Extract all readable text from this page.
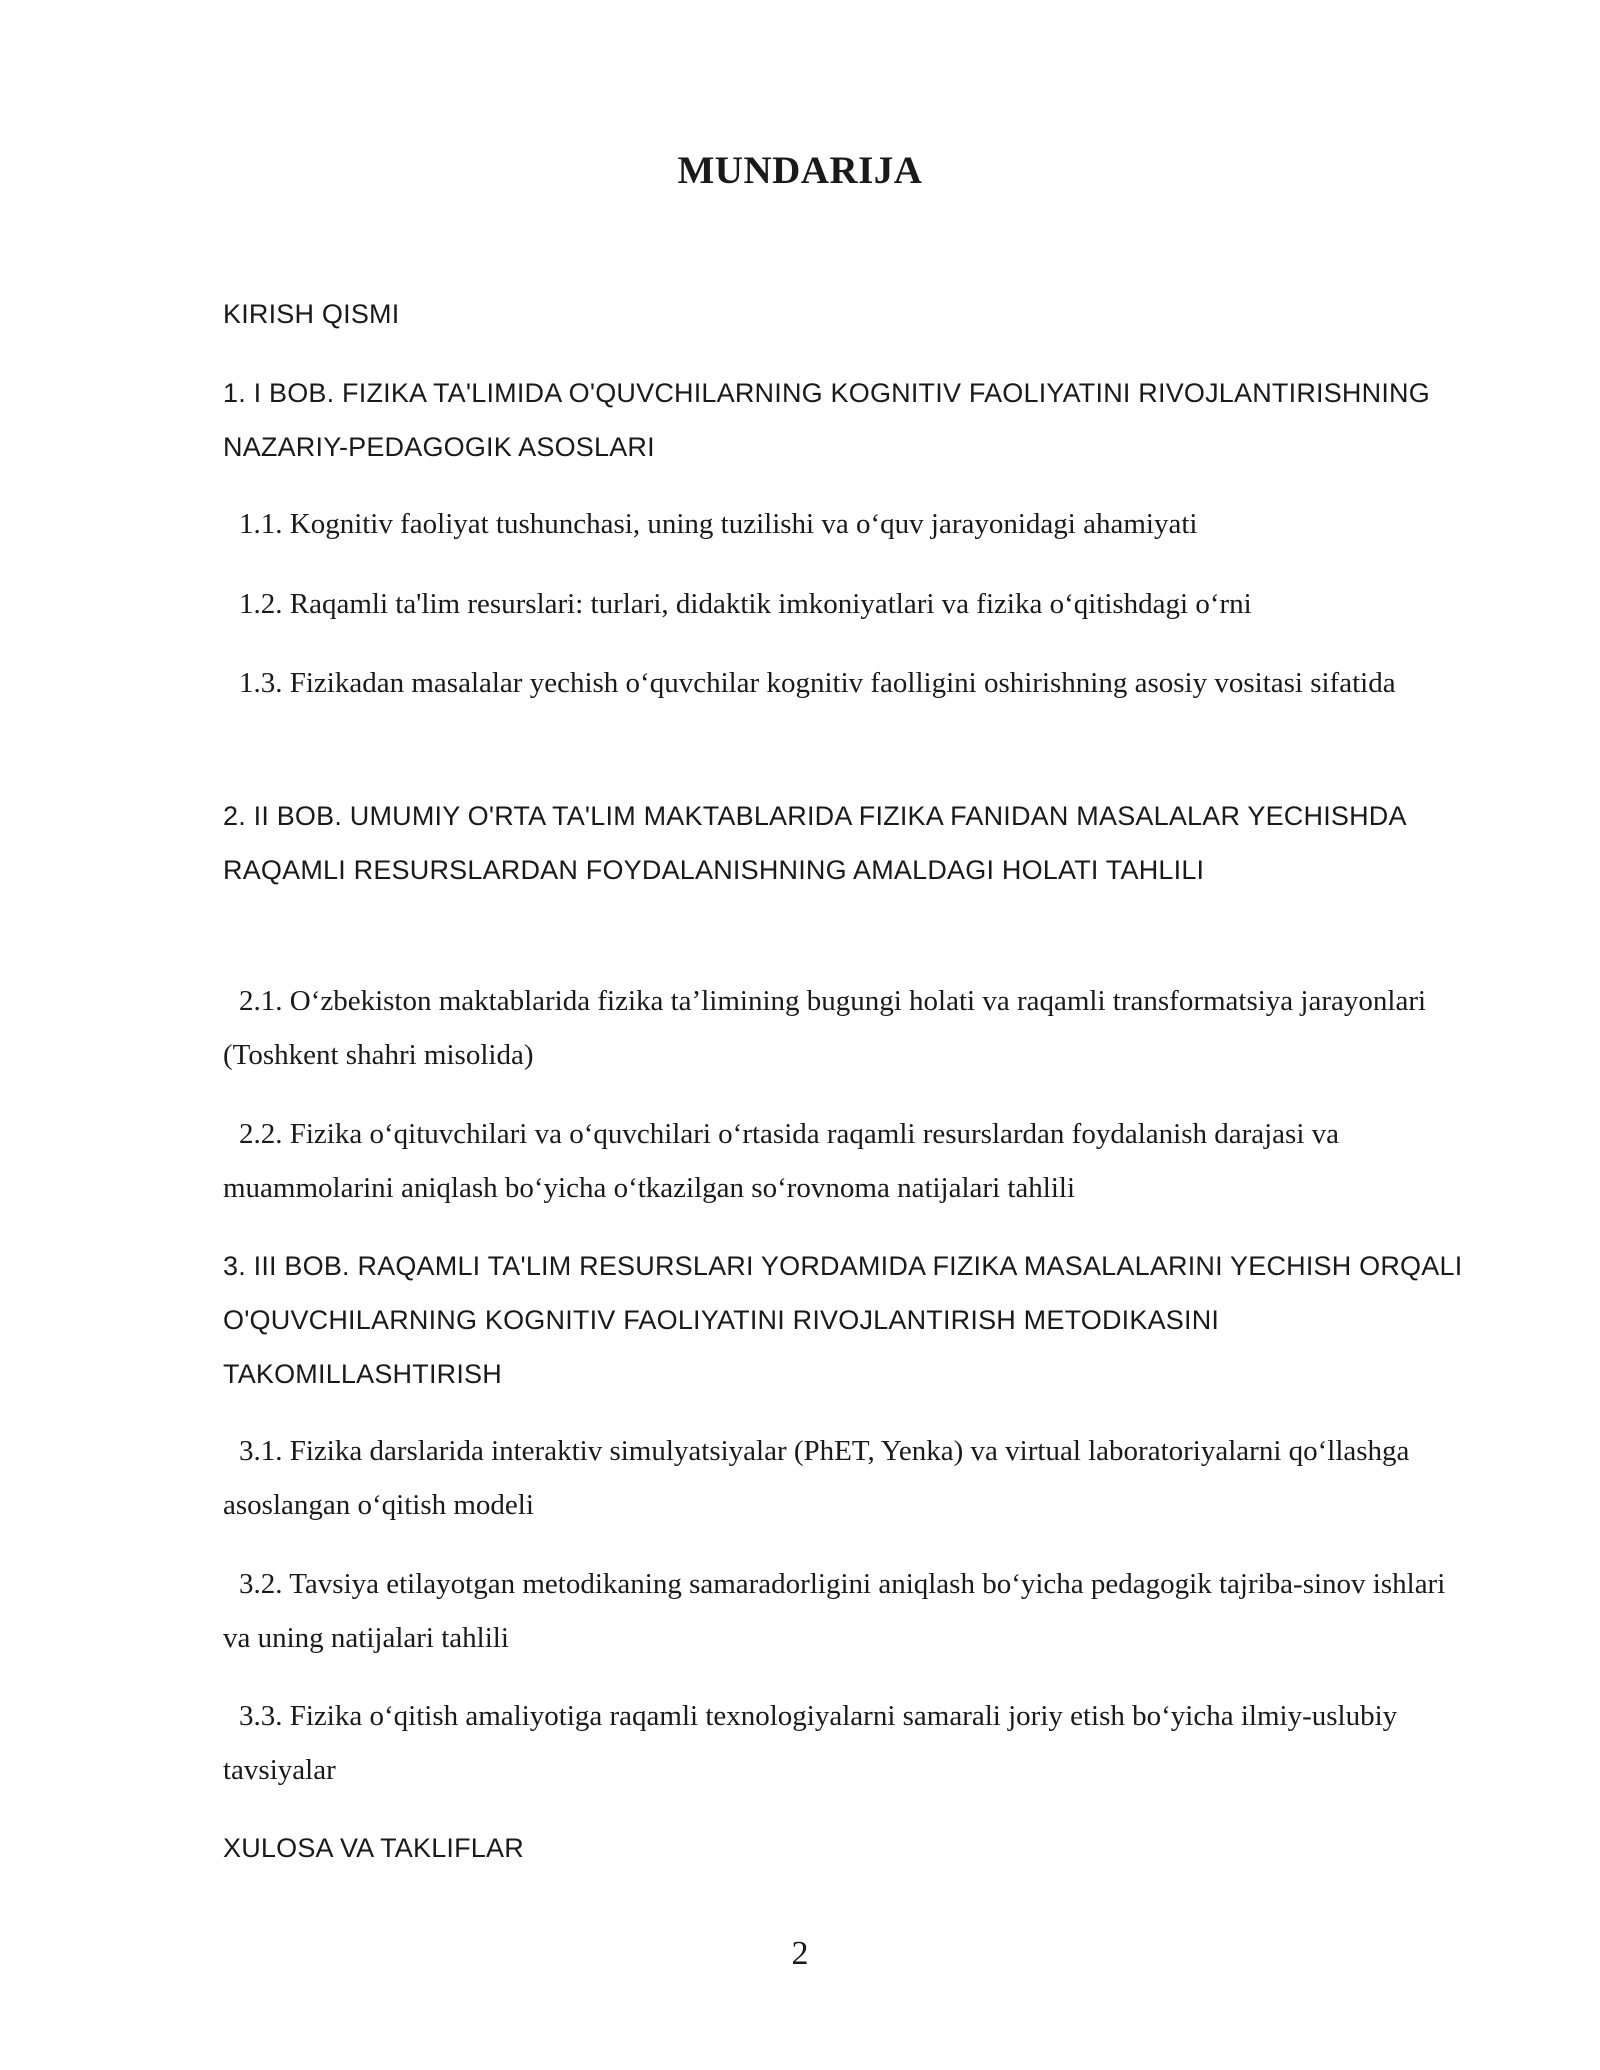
MUNDARIJA
KIRISH QISMI
1. I BOB. FIZIKA TA'LIMIDA O'QUVCHILARNING KOGNITIV FAOLIYATINI RIVOJLANTIRISHNING NAZARIY-PEDAGOGIK ASOSLARI
1.1. Kognitiv faoliyat tushunchasi, uning tuzilishi va o‘quv jarayonidagi ahamiyati
1.2. Raqamli ta'lim resurslari: turlari, didaktik imkoniyatlari va fizika o‘qitishdagi o‘rni
1.3. Fizikadan masalalar yechish o‘quvchilar kognitiv faolligini oshirishning asosiy vositasi sifatida
2. II BOB. UMUMIY O'RTA TA'LIM MAKTABLARIDA FIZIKA FANIDAN MASALALAR YECHISHDA RAQAMLI RESURSLARDAN FOYDALANISHNING AMALDAGI HOLATI TAHLILI
2.1. O‘zbekiston maktablarida fizika ta’limining bugungi holati va raqamli transformatsiya jarayonlari (Toshkent shahri misolida)
2.2. Fizika o‘qituvchilari va o‘quvchilari o‘rtasida raqamli resurslardan foydalanish darajasi va muammolarini aniqlash bo‘yicha o‘tkazilgan so‘rovnoma natijalari tahlili
3. III BOB. RAQAMLI TA'LIM RESURSLARI YORDAMIDA FIZIKA MASALALARINI YECHISH ORQALI O'QUVCHILARNING KOGNITIV FAOLIYATINI RIVOJLANTIRISH METODIKASINI TAKOMILLASHTIRISH
3.1. Fizika darslarida interaktiv simulyatsiyalar (PhET, Yenka) va virtual laboratoriyalarni qo‘llashga asoslangan o‘qitish modeli
3.2. Tavsiya etilayotgan metodikaning samaradorligini aniqlash bo‘yicha pedagogik tajriba-sinov ishlari va uning natijalari tahlili
3.3. Fizika o‘qitish amaliyotiga raqamli texnologiyalarni samarali joriy etish bo‘yicha ilmiy-uslubiy tavsiyalar
XULOSA VA TAKLIFLAR
2
